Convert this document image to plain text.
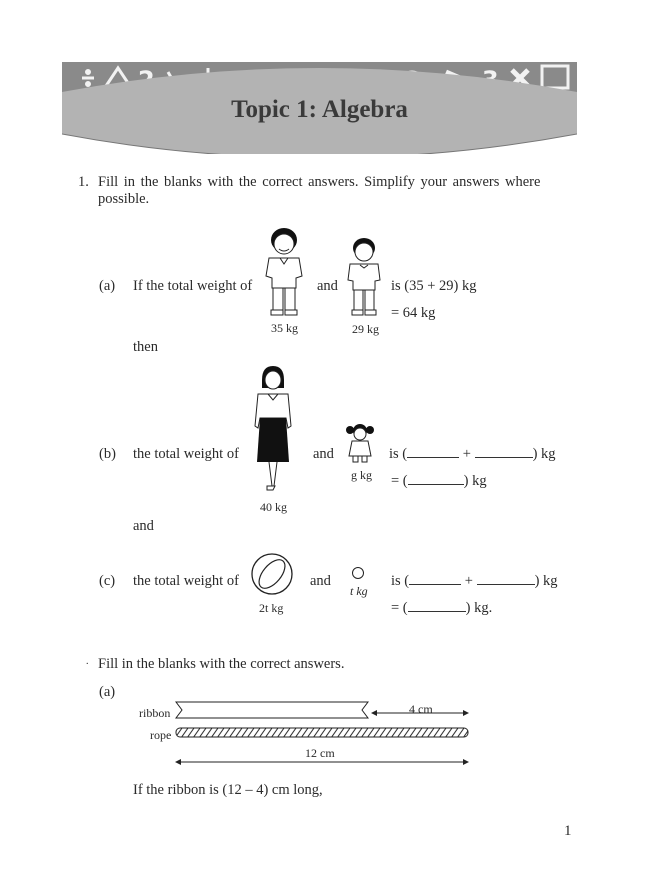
Topic 1: Algebra
1. Fill in the blanks with the correct answers. Simplify your answers where
possible.
(a) If the total weight of
35 kg
and
29 kg
is (35 + 29) kg
= 64 kg
then
(b) the total weight of
40 kg
and
g kg
is (	+	) kg
= (	) kg
and
(c) the total weight of
2t kg
and
t kg
is (	+	) kg
= (	) kg.
. Fill in the blanks with the correct answers.
(a)
ribbon
rope
4 cm
12 cm
If the ribbon is (12 – 4) cm long,
1
